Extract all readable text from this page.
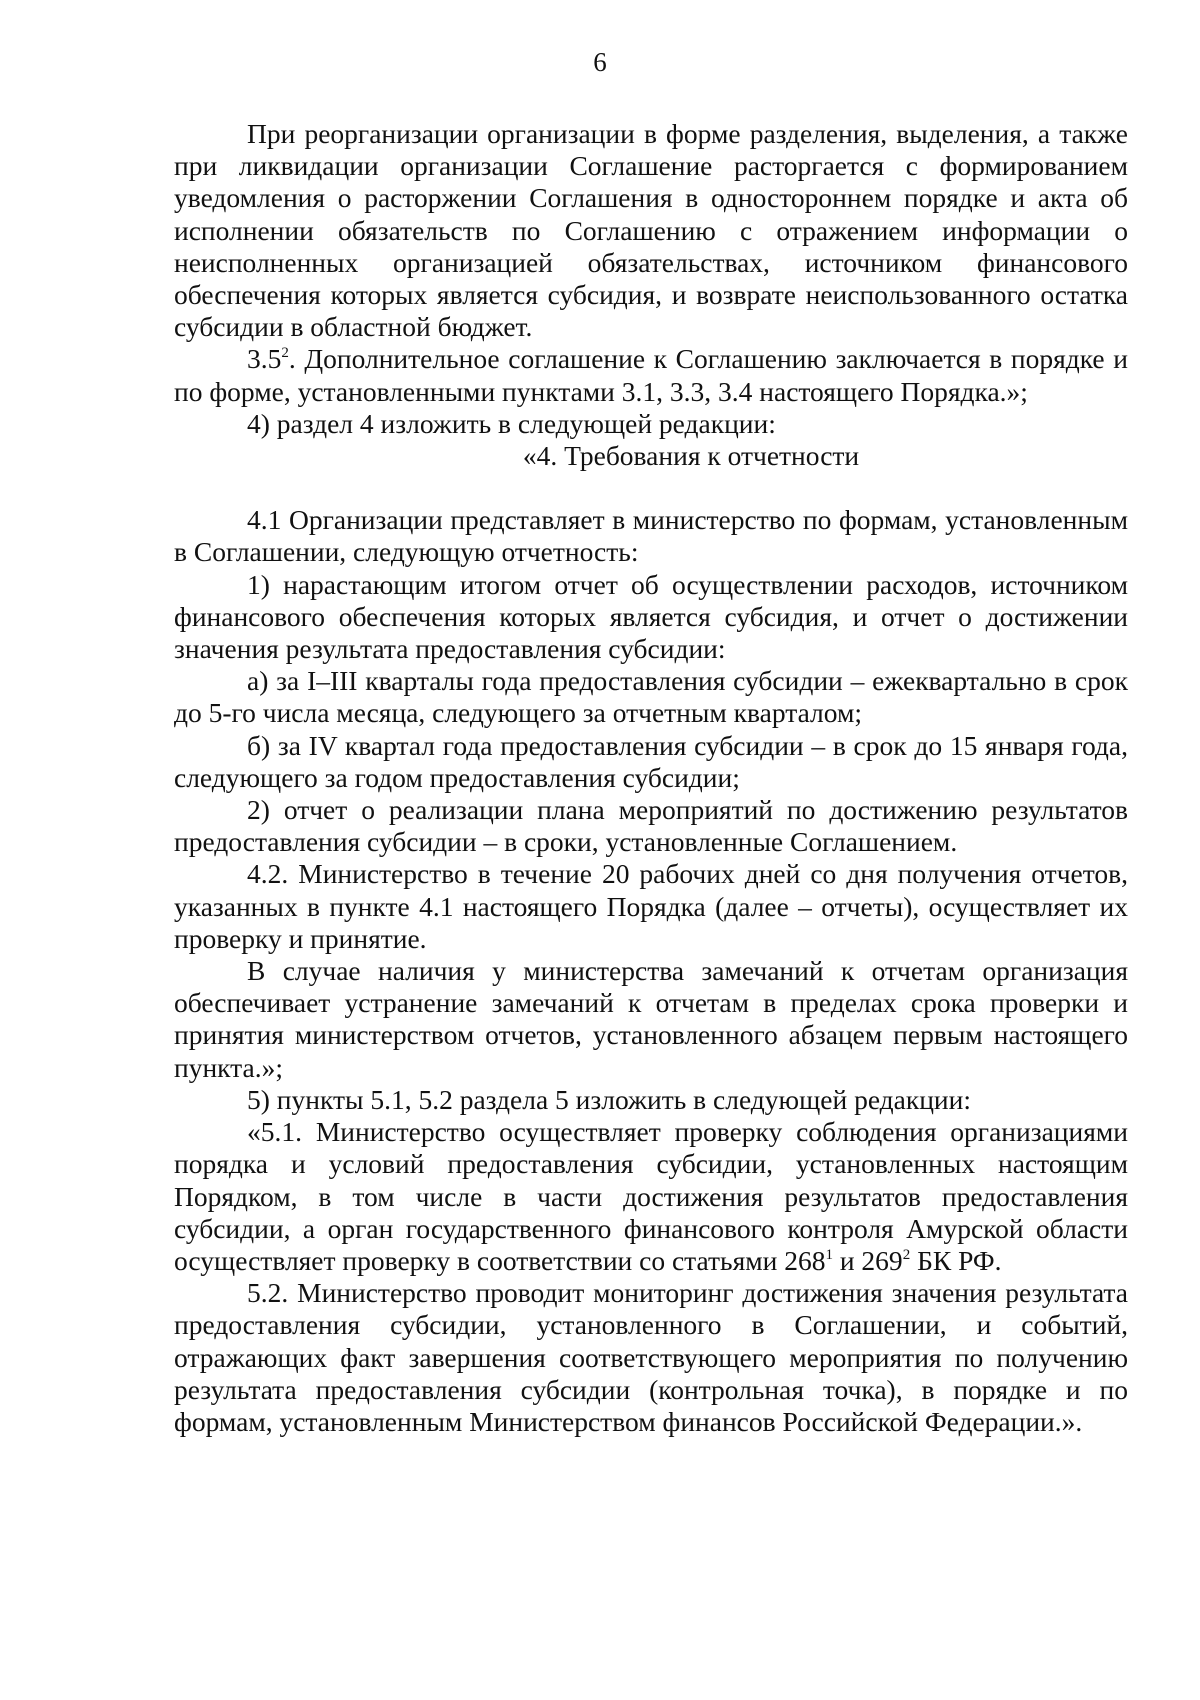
6

При реорганизации организации в форме разделения, выделения, а также при ликвидации организации Соглашение расторгается с формированием уведомления о расторжении Соглашения в одностороннем порядке и акта об исполнении обязательств по Соглашению с отражением информации о неисполненных организацией обязательствах, источником финансового обеспечения которых является субсидия, и возврате неиспользованного остатка субсидии в областной бюджет.

$3.5^2$. Дополнительное соглашение к Соглашению заключается в порядке и по форме, установленными пунктами 3.1, 3.3, 3.4 настоящего Порядка.»;

4) раздел 4 изложить в следующей редакции:

«4. Требования к отчетности

4.1 Организации представляет в министерство по формам, установленным в Соглашении, следующую отчетность:

1) нарастающим итогом отчет об осуществлении расходов, источником финансового обеспечения которых является субсидия, и отчет о достижении значения результата предоставления субсидии:

а) за I–III кварталы года предоставления субсидии – ежеквартально в срок до 5-го числа месяца, следующего за отчетным кварталом;

б) за IV квартал года предоставления субсидии – в срок до 15 января года, следующего за годом предоставления субсидии;

2) отчет о реализации плана мероприятий по достижению результатов предоставления субсидии – в сроки, установленные Соглашением.

4.2. Министерство в течение 20 рабочих дней со дня получения отчетов, указанных в пункте 4.1 настоящего Порядка (далее – отчеты), осуществляет их проверку и принятие.

В случае наличия у министерства замечаний к отчетам организация обеспечивает устранение замечаний к отчетам в пределах срока проверки и принятия министерством отчетов, установленного абзацем первым настоящего пункта.»;

5) пункты 5.1, 5.2 раздела 5 изложить в следующей редакции:

«5.1. Министерство осуществляет проверку соблюдения организациями порядка и условий предоставления субсидии, установленных настоящим Порядком, в том числе в части достижения результатов предоставления субсидии, а орган государственного финансового контроля Амурской области осуществляет проверку в соответствии со статьями $268^1$ и $269^2$ БК РФ.

5.2. Министерство проводит мониторинг достижения значения результата предоставления субсидии, установленного в Соглашении, и событий, отражающих факт завершения соответствующего мероприятия по получению результата предоставления субсидии (контрольная точка), в порядке и по формам, установленным Министерством финансов Российской Федерации.».
